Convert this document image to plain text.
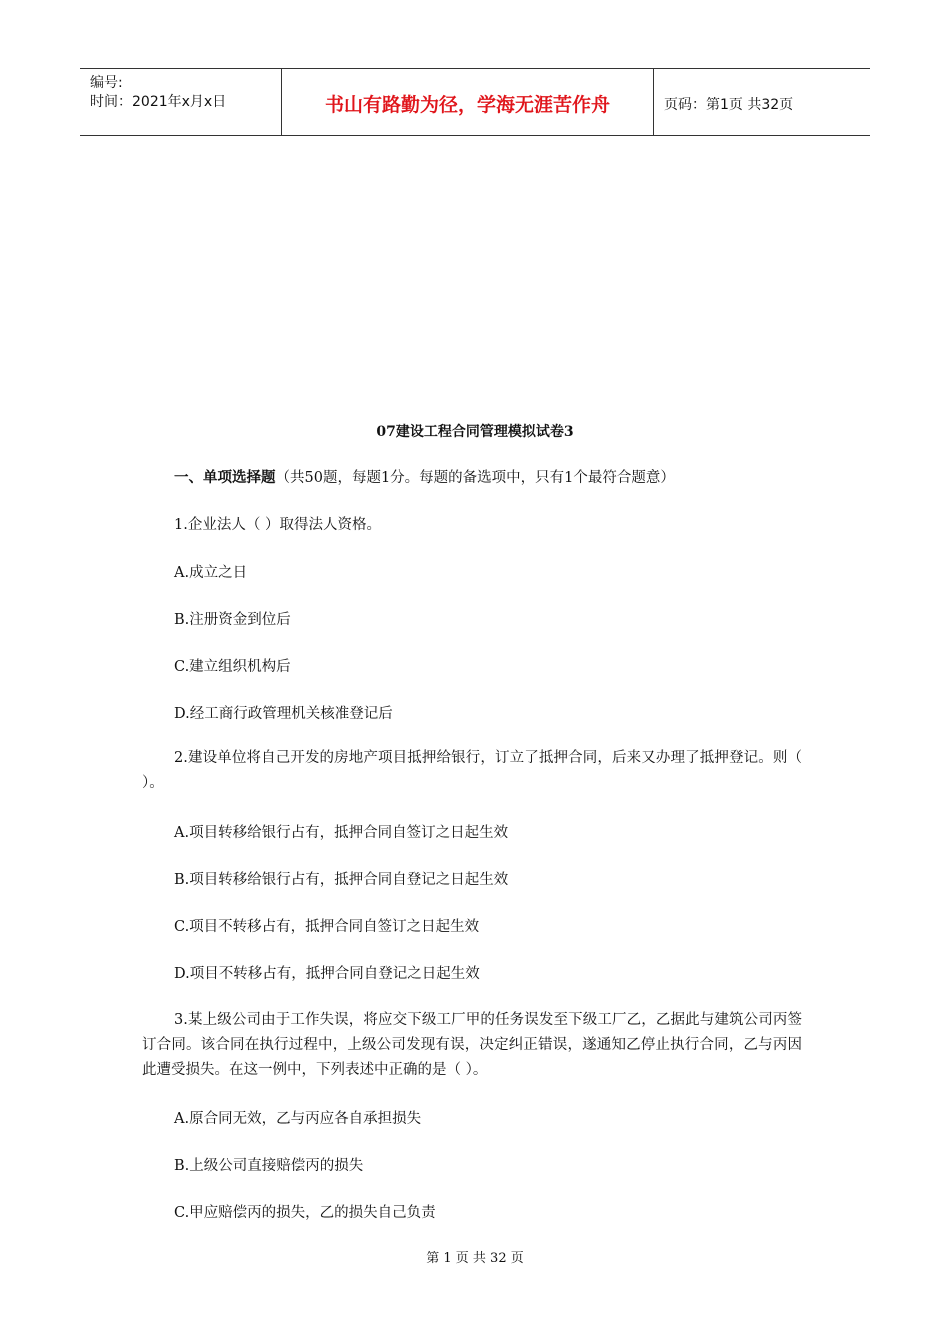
编号:
时间：2021年x月x日	书山有路勤为径，学海无涯苦作舟	页码：第1页 共32页
07建设工程合同管理模拟试卷3
一、单项选择题（共50题，每题1分。每题的备选项中，只有1个最符合题意）
1.企业法人（ ）取得法人资格。
A.成立之日
B.注册资金到位后
C.建立组织机构后
D.经工商行政管理机关核准登记后
2.建设单位将自己开发的房地产项目抵押给银行，订立了抵押合同，后来又办理了抵押登记。则（ ）。
A.项目转移给银行占有，抵押合同自签订之日起生效
B.项目转移给银行占有，抵押合同自登记之日起生效
C.项目不转移占有，抵押合同自签订之日起生效
D.项目不转移占有，抵押合同自登记之日起生效
3.某上级公司由于工作失误，将应交下级工厂甲的任务误发至下级工厂乙，乙据此与建筑公司丙签订合同。该合同在执行过程中，上级公司发现有误，决定纠正错误，遂通知乙停止执行合同，乙与丙因此遭受损失。在这一例中，下列表述中正确的是（ ）。
A.原合同无效，乙与丙应各自承担损失
B.上级公司直接赔偿丙的损失
C.甲应赔偿丙的损失，乙的损失自己负责
第 1 页 共 32 页
